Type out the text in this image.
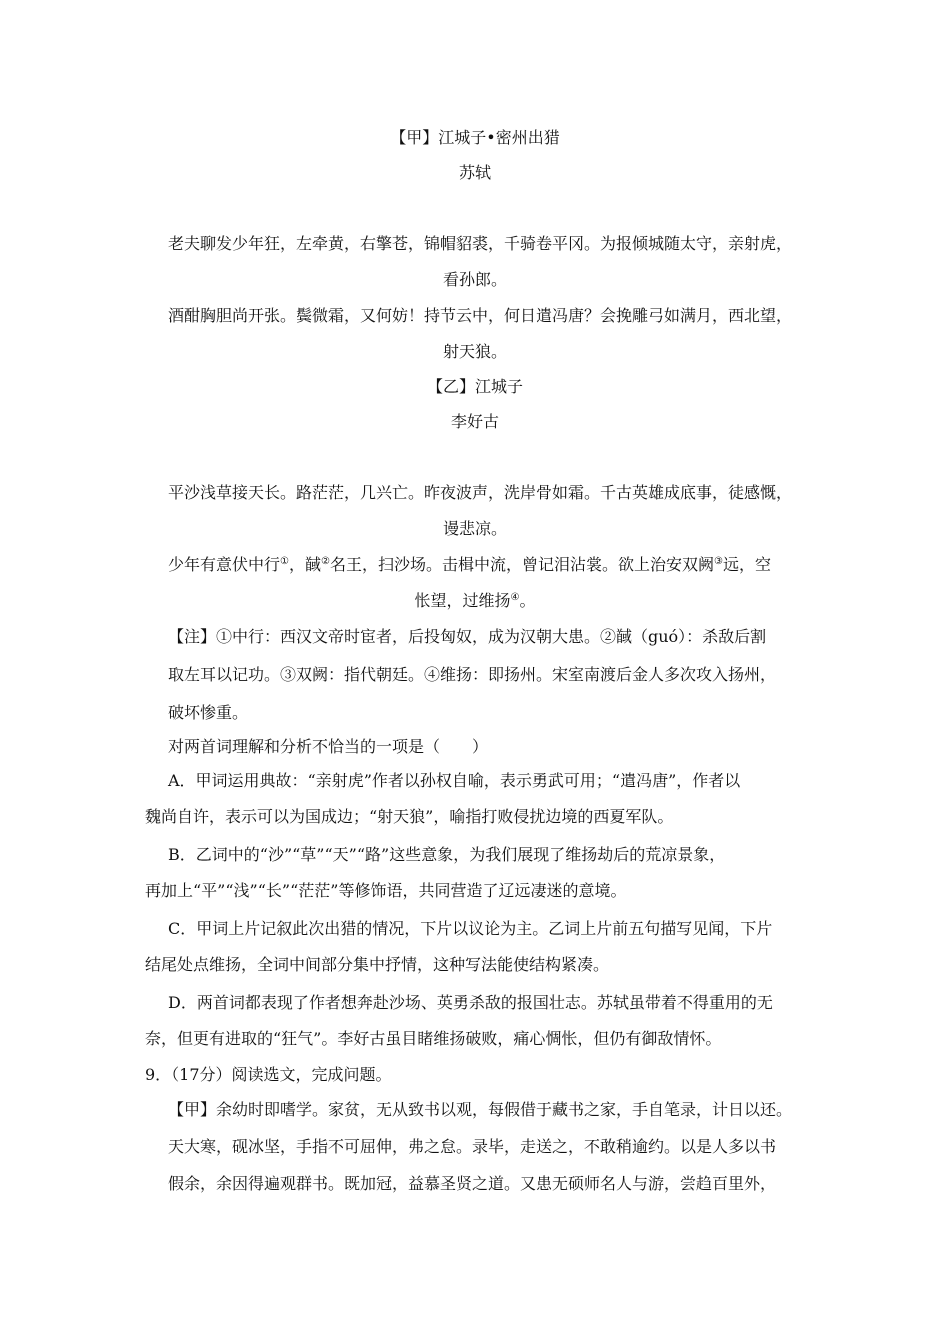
【甲】江城子•密州出猎
苏轼
老夫聊发少年狂，左牵黄，右擎苍，锦帽貂裘，千骑卷平冈。为报倾城随太守，亲射虎，
看孙郎。
酒酣胸胆尚开张。鬓微霜，又何妨！持节云中，何日遣冯唐？会挽雕弓如满月，西北望，
射天狼。
【乙】江城子
李好古
平沙浅草接天长。路茫茫，几兴亡。昨夜波声，洗岸骨如霜。千古英雄成底事，徒感慨，
谩悲凉。
少年有意伏中行①，馘②名王，扫沙场。击楫中流，曾记泪沾裳。欲上治安双阙③远，空
怅望，过维扬④。
【注】①中行：西汉文帝时宦者，后投匈奴，成为汉朝大患。②馘（guó）：杀敌后割
取左耳以记功。③双阙：指代朝廷。④维扬：即扬州。宋室南渡后金人多次攻入扬州，
破坏惨重。
对两首词理解和分析不恰当的一项是（　　）
A．甲词运用典故：“亲射虎”作者以孙权自喻，表示勇武可用；“遣冯唐”，作者以
魏尚自许，表示可以为国成边；“射天狼”，喻指打败侵扰边境的西夏军队。
B．乙词中的“沙”“草”“天”“路”这些意象，为我们展现了维扬劫后的荒凉景象，
再加上“平”“浅”“长”“茫茫”等修饰语，共同营造了辽远凄迷的意境。
C．甲词上片记叙此次出猎的情况，下片以议论为主。乙词上片前五句描写见闻，下片
结尾处点维扬，全词中间部分集中抒情，这种写法能使结构紧凑。
D．两首词都表现了作者想奔赴沙场、英勇杀敌的报国壮志。苏轼虽带着不得重用的无
奈，但更有进取的“狂气”。李好古虽目睹维扬破败，痛心惆怅，但仍有御敌情怀。
9．（17分）阅读选文，完成问题。
【甲】余幼时即嗜学。家贫，无从致书以观，每假借于藏书之家，手自笔录，计日以还。
天大寒，砚冰坚，手指不可屈伸，弗之怠。录毕，走送之，不敢稍逾约。以是人多以书
假余，余因得遍观群书。既加冠，益慕圣贤之道。又患无硕师名人与游，尝趋百里外，
